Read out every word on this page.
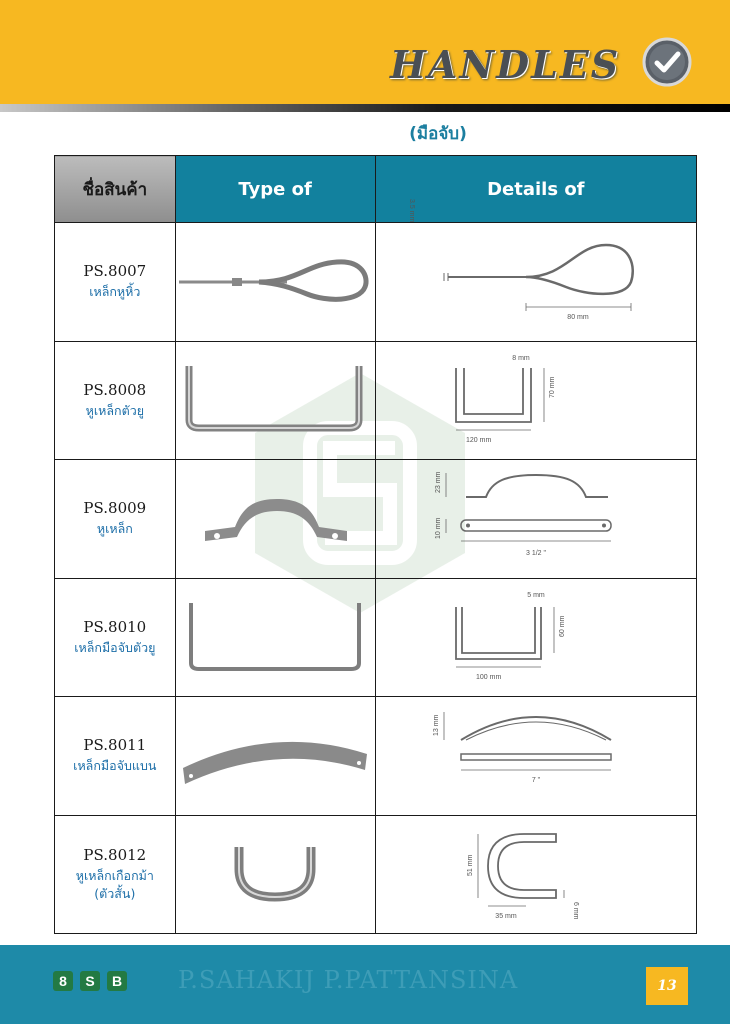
HANDLES
(มือจับ)
ชื่อสินค้า	Type of	Details of

PS.8007
เหล็กหูหิ้ว		3.5 mm
80 mm

PS.8008
หูเหล็กตัวยู		8 mm
70 mm
120 mm

PS.8009
หูเหล็ก		23 mm
10 mm
3 1/2 "

PS.8010
เหล็กมือจับตัวยู		5 mm
60 mm
100 mm

PS.8011
เหล็กมือจับแบน		13 mm
7 "

PS.8012
หูเหล็กเกือกม้า
(ตัวสั้น)		51 mm
6 mm
35 mm
8 S B	P.SAHAKIJ P.PATTANSINA	13
